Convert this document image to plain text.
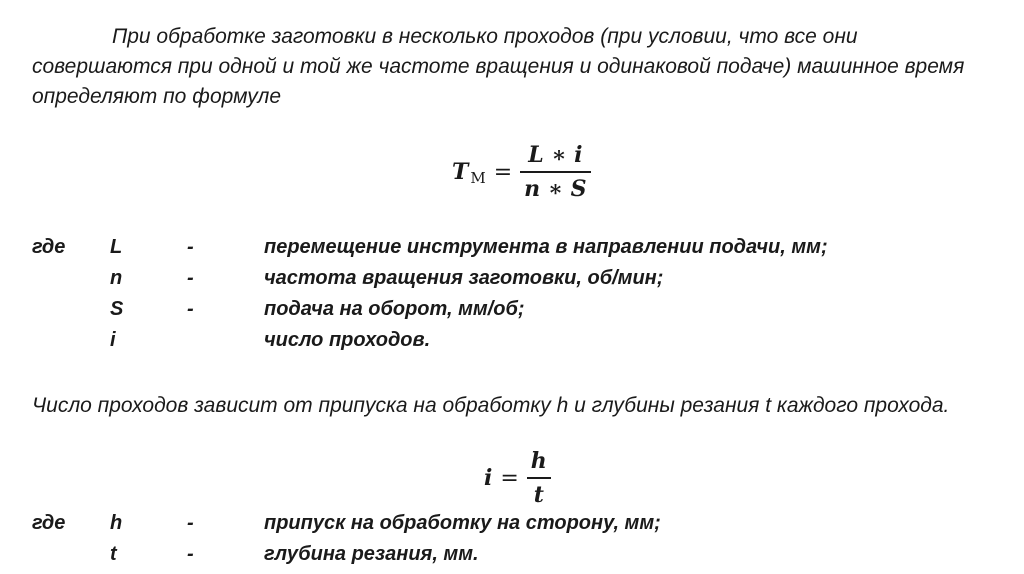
При обработке заготовки в несколько проходов (при условии, что все они совершаются при одной и той же частоте вращения и одинаковой подаче) машинное время определяют по формуле

T $М = \frac{L ∗ i}{n ∗ S}$
где L	-	перемещение инструмента в направлении подачи, мм;
n	-	частота вращения заготовки, об/мин;
S	-	подача на оборот, мм/об;
i	число проходов.

Число проходов зависит от припуска на обработку h и глубины резания t каждого прохода.

$i = \frac{h}{t}$
где h	-	припуск на обработку на сторону, мм;
t	-	глубина резания, мм.
